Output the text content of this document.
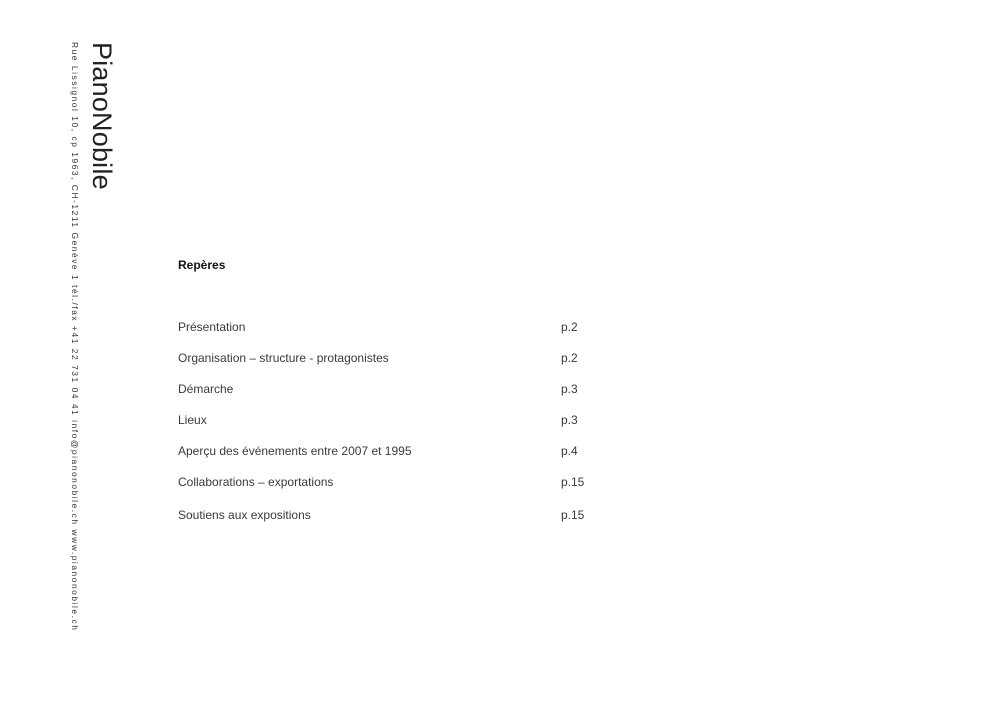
PianoNobile
Rue Lissignol 10, cp 1963, CH-1211 Genève 1 tél./fax +41 22 731 04 41 info@pianonobile.ch www.pianonobile.ch	Repères
Présentation	p.2
Organisation – structure - protagonistes	p.2
Démarche	p.3
Lieux	p.3
Aperçu des événements entre 2007 et 1995	p.4
Collaborations – exportations	p.15
Soutiens aux expositions	p.15
